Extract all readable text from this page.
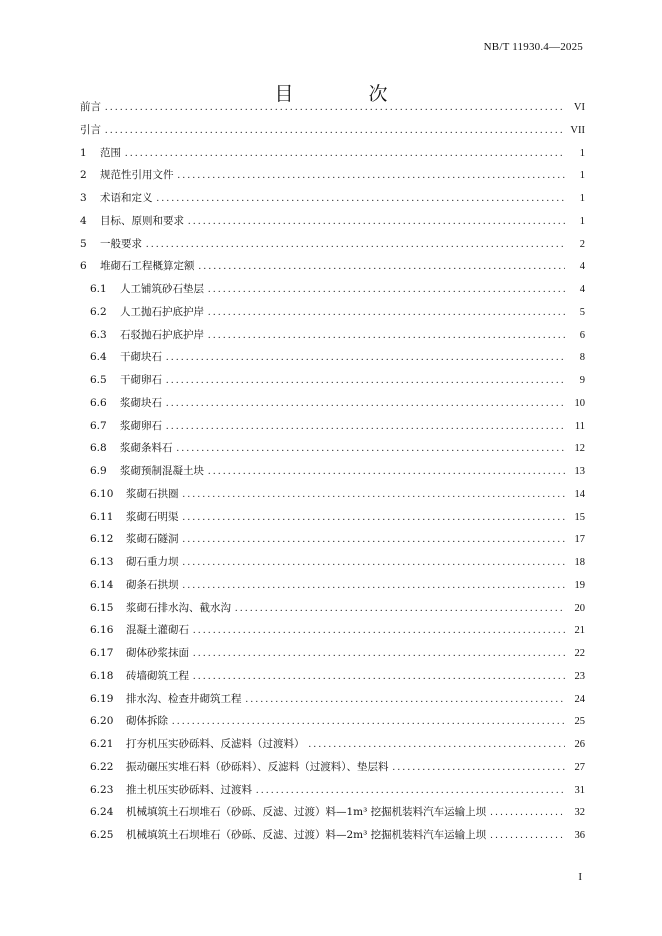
NB/T 11930.4—2025
目　次
前言 . . .	VI
引言 . . .	VII
1	范围 . . .	1
2	规范性引用文件 . . .	1
3	术语和定义 . . .	1
4	目标、原则和要求 . . .	1
5	一般要求 . . .	2
6	堆砌石工程概算定额 . . .	4
6.1	人工铺筑砂石垫层 . . .	4
6.2	人工抛石护底护岸 . . .	5
6.3	石驳抛石护底护岸 . . .	6
6.4	干砌块石 . . .	8
6.5	干砌卵石 . . .	9
6.6	浆砌块石 . . .	10
6.7	浆砌卵石 . . .	11
6.8	浆砌条料石 . . .	12
6.9	浆砌预制混凝土块 . . .	13
6.10	浆砌石拱圈 . . .	14
6.11	浆砌石明渠 . . .	15
6.12	浆砌石隧洞 . . .	17
6.13	砌石重力坝 . . .	18
6.14	砌条石拱坝 . . .	19
6.15	浆砌石排水沟、截水沟 . . .	20
6.16	混凝土灌砌石 . . .	21
6.17	砌体砂浆抹面 . . .	22
6.18	砖墙砌筑工程 . . .	23
6.19	排水沟、检查井砌筑工程 . . .	24
6.20	砌体拆除 . . .	25
6.21	打夯机压实砂砾料、反滤料（过渡料） . . .	26
6.22	振动碾压实堆石料（砂砾料）、反滤料（过渡料）、垫层料 . . .	27
6.23	推土机压实砂砾料、过渡料 . . .	31
6.24	机械填筑土石坝堆石（砂砾、反滤、过渡）料—1m³ 挖掘机装料汽车运输上坝 . . .	32
6.25	机械填筑土石坝堆石（砂砾、反滤、过渡）料—2m³ 挖掘机装料汽车运输上坝 . . .	36
I
